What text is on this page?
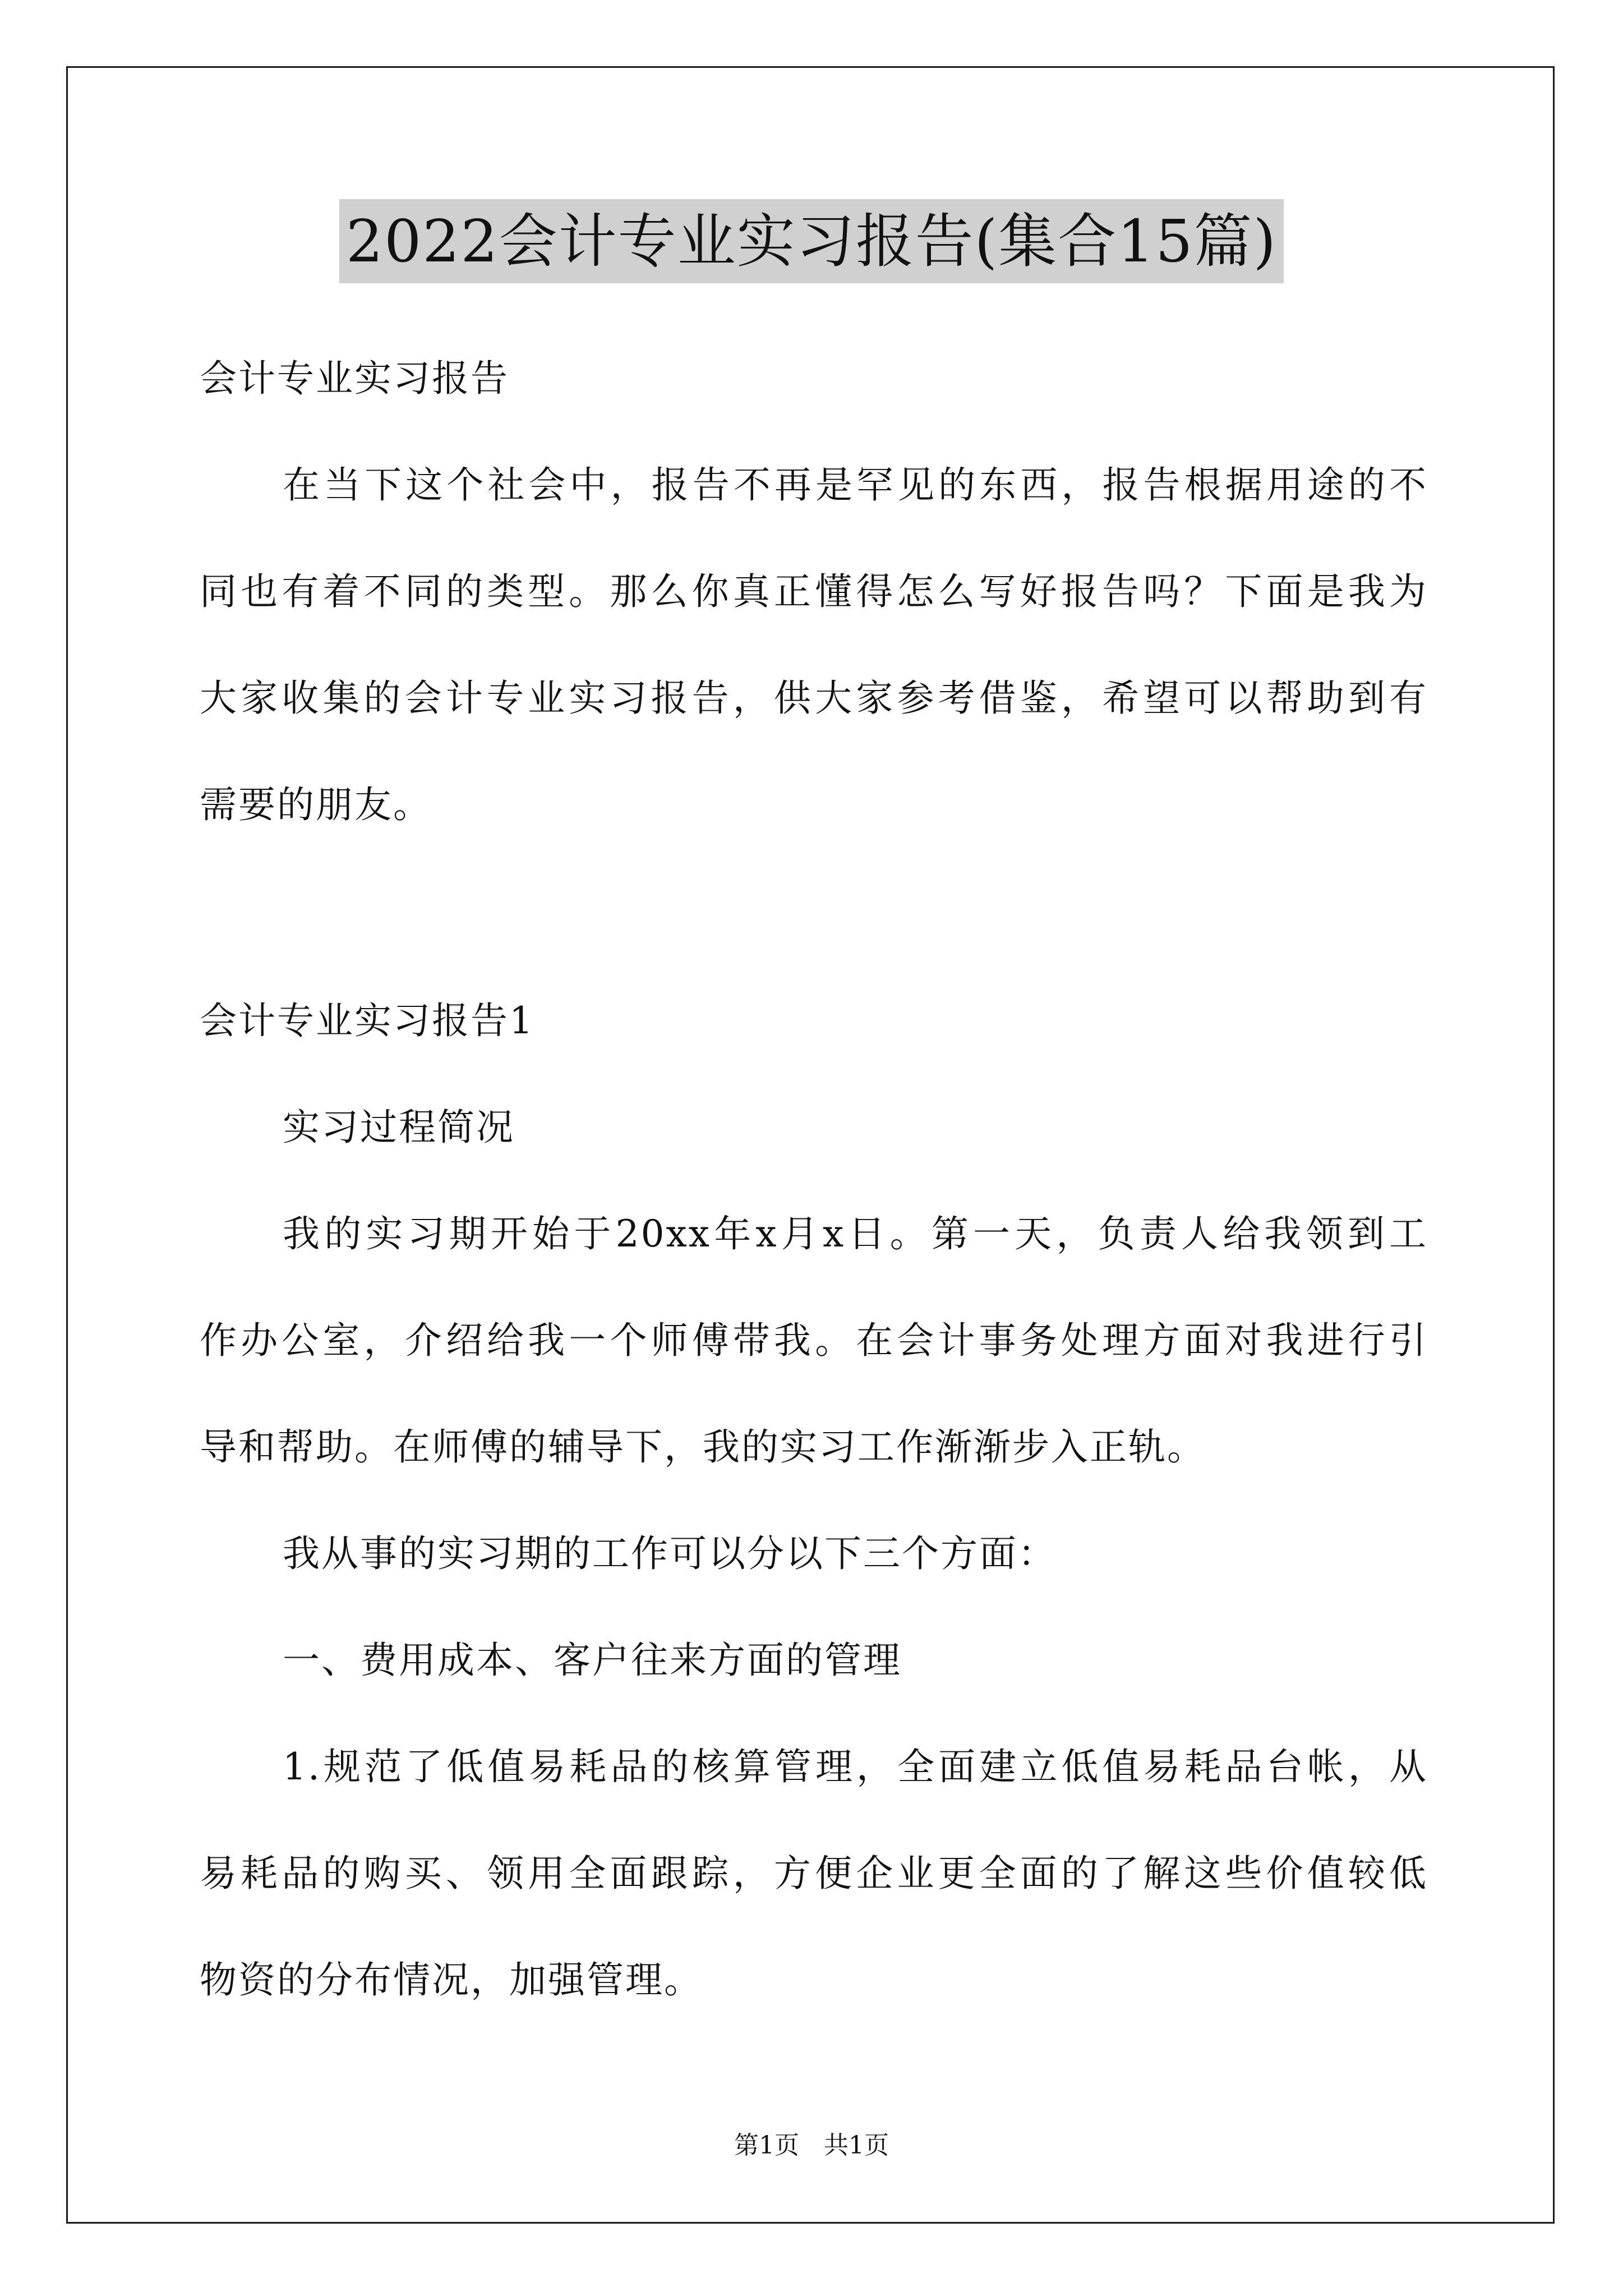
2022会计专业实习报告(集合15篇)
会计专业实习报告
在当下这个社会中，报告不再是罕见的东西，报告根据用途的不
同也有着不同的类型。那么你真正懂得怎么写好报告吗？下面是我为
大家收集的会计专业实习报告，供大家参考借鉴，希望可以帮助到有
需要的朋友。
会计专业实习报告1
实习过程简况
我的实习期开始于20xx年x月x日。第一天，负责人给我领到工
作办公室，介绍给我一个师傅带我。在会计事务处理方面对我进行引
导和帮助。在师傅的辅导下，我的实习工作渐渐步入正轨。
我从事的实习期的工作可以分以下三个方面：
一、费用成本、客户往来方面的管理
1.规范了低值易耗品的核算管理，全面建立低值易耗品台帐，从
易耗品的购买、领用全面跟踪，方便企业更全面的了解这些价值较低
物资的分布情况，加强管理。
第1页　共1页
